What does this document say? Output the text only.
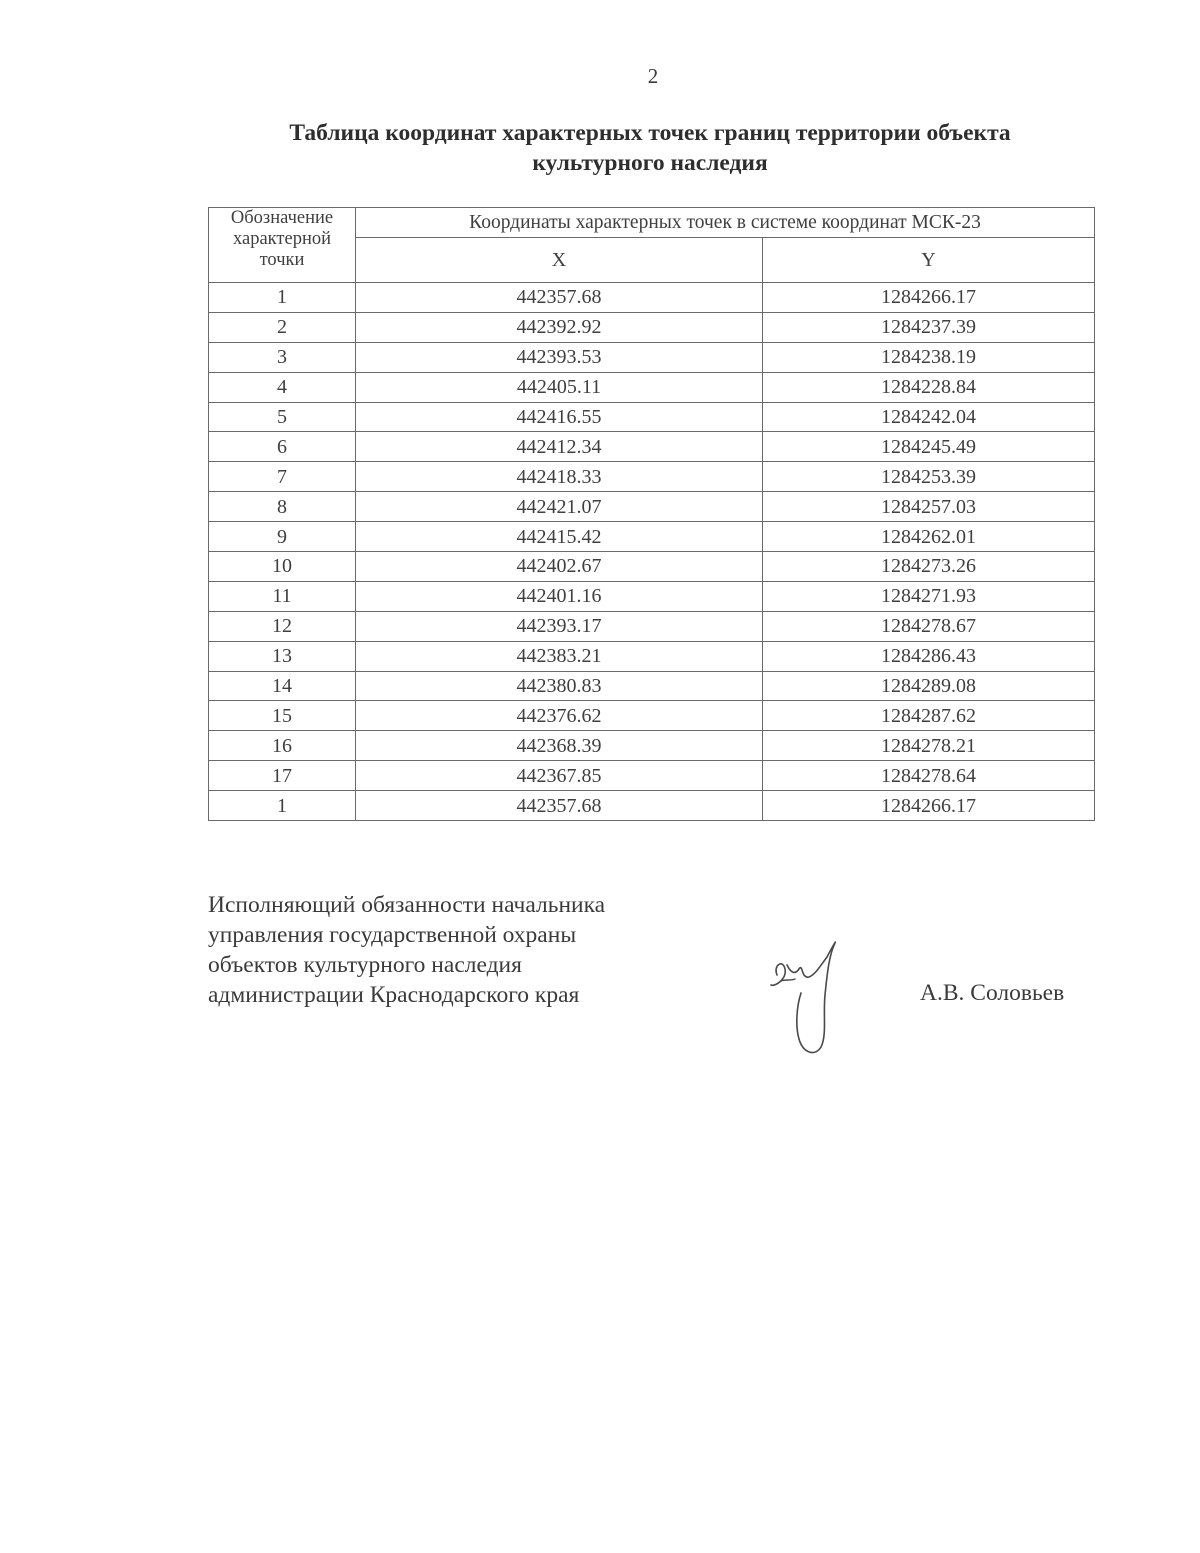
2
Таблица координат характерных точек границ территории объекта
культурного наследия
Обозначение
характерной
точки	Координаты характерных точек в системе координат МСК-23	
	X	Y
1	442357.68	1284266.17
2	442392.92	1284237.39
3	442393.53	1284238.19
4	442405.11	1284228.84
5	442416.55	1284242.04
6	442412.34	1284245.49
7	442418.33	1284253.39
8	442421.07	1284257.03
9	442415.42	1284262.01
10	442402.67	1284273.26
11	442401.16	1284271.93
12	442393.17	1284278.67
13	442383.21	1284286.43
14	442380.83	1284289.08
15	442376.62	1284287.62
16	442368.39	1284278.21
17	442367.85	1284278.64
1	442357.68	1284266.17
Исполняющий обязанности начальника
управления государственной охраны
объектов культурного наследия
администрации Краснодарского края	А.В. Соловьев
